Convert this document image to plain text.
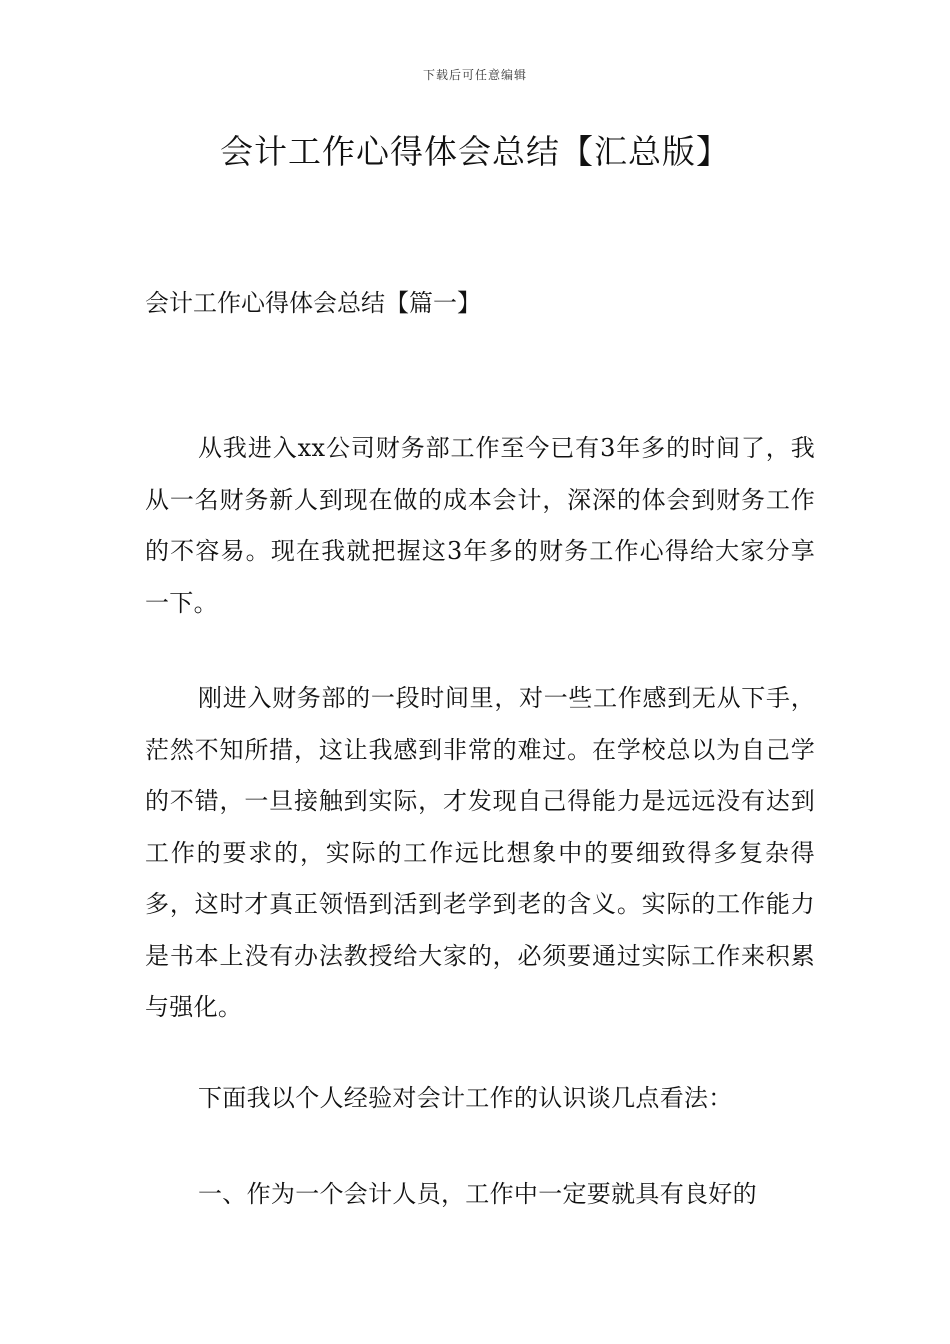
下载后可任意编辑
会计工作心得体会总结【汇总版】
会计工作心得体会总结【篇一】

从我进入xx公司财务部工作至今已有3年多的时间了，我从一名财务新人到现在做的成本会计，深深的体会到财务工作的不容易。现在我就把握这3年多的财务工作心得给大家分享一下。

刚进入财务部的一段时间里，对一些工作感到无从下手，茫然不知所措，这让我感到非常的难过。在学校总以为自己学的不错，一旦接触到实际，才发现自己得能力是远远没有达到工作的要求的，实际的工作远比想象中的要细致得多复杂得多，这时才真正领悟到活到老学到老的含义。实际的工作能力是书本上没有办法教授给大家的，必须要通过实际工作来积累与强化。

下面我以个人经验对会计工作的认识谈几点看法：

一、作为一个会计人员，工作中一定要就具有良好的
